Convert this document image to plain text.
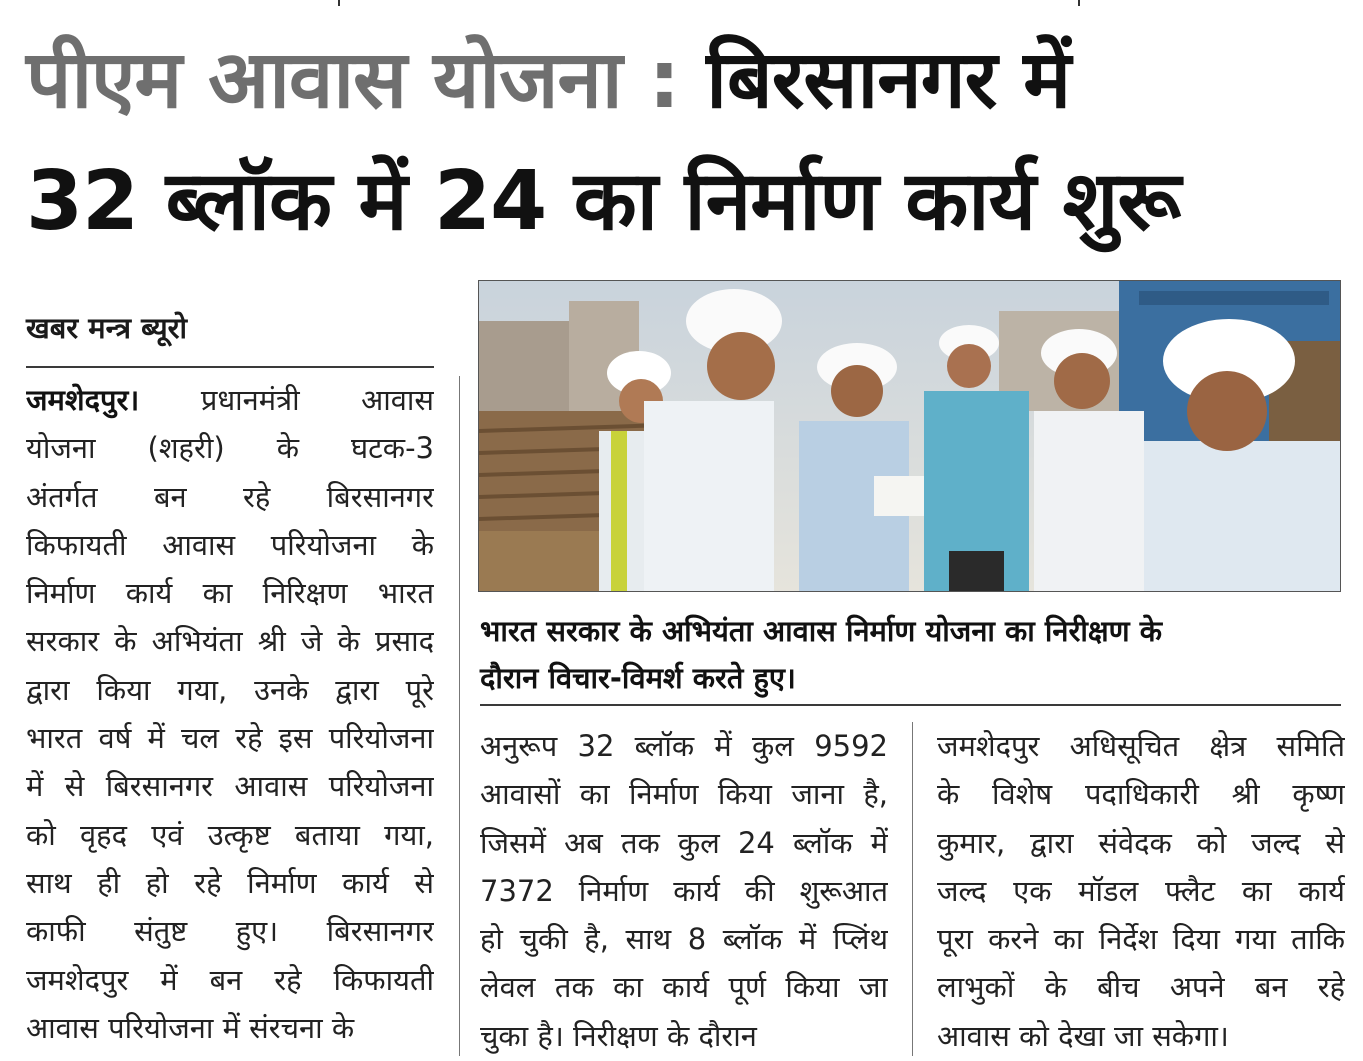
पीएम आवास योजना : बिरसानगर में
32 ब्लॉक में 24 का निर्माण कार्य शुरू
खबर मन्त्र ब्यूरो
जमशेदपुर। प्रधानमंत्री आवास
योजना (शहरी) के घटक-3
अंतर्गत बन रहे बिरसानगर
किफायती आवास परियोजना के
निर्माण कार्य का निरिक्षण भारत
सरकार के अभियंता श्री जे के प्रसाद
द्वारा किया गया, उनके द्वारा पूरे
भारत वर्ष में चल रहे इस परियोजना
में से बिरसानगर आवास परियोजना
को वृहद एवं उत्कृष्ट बताया गया,
साथ ही हो रहे निर्माण कार्य से
काफी संतुष्ट हुए। बिरसानगर
जमशेदपुर में बन रहे किफायती
आवास परियोजना में संरचना के
भारत सरकार के अभियंता आवास निर्माण योजना का निरीक्षण के
दौरान विचार-विमर्श करते हुए।
अनुरूप 32 ब्लॉक में कुल 9592
आवासों का निर्माण किया जाना है,
जिसमें अब तक कुल 24 ब्लॉक में
7372 निर्माण कार्य की शुरूआत
हो चुकी है, साथ 8 ब्लॉक में प्लिंथ
लेवल तक का कार्य पूर्ण किया जा
चुका है। निरीक्षण के दौरान
जमशेदपुर अधिसूचित क्षेत्र समिति
के विशेष पदाधिकारी श्री कृष्ण
कुमार, द्वारा संवेदक को जल्द से
जल्द एक मॉडल फ्लैट का कार्य
पूरा करने का निर्देश दिया गया ताकि
लाभुकों के बीच अपने बन रहे
आवास को देखा जा सकेगा।
